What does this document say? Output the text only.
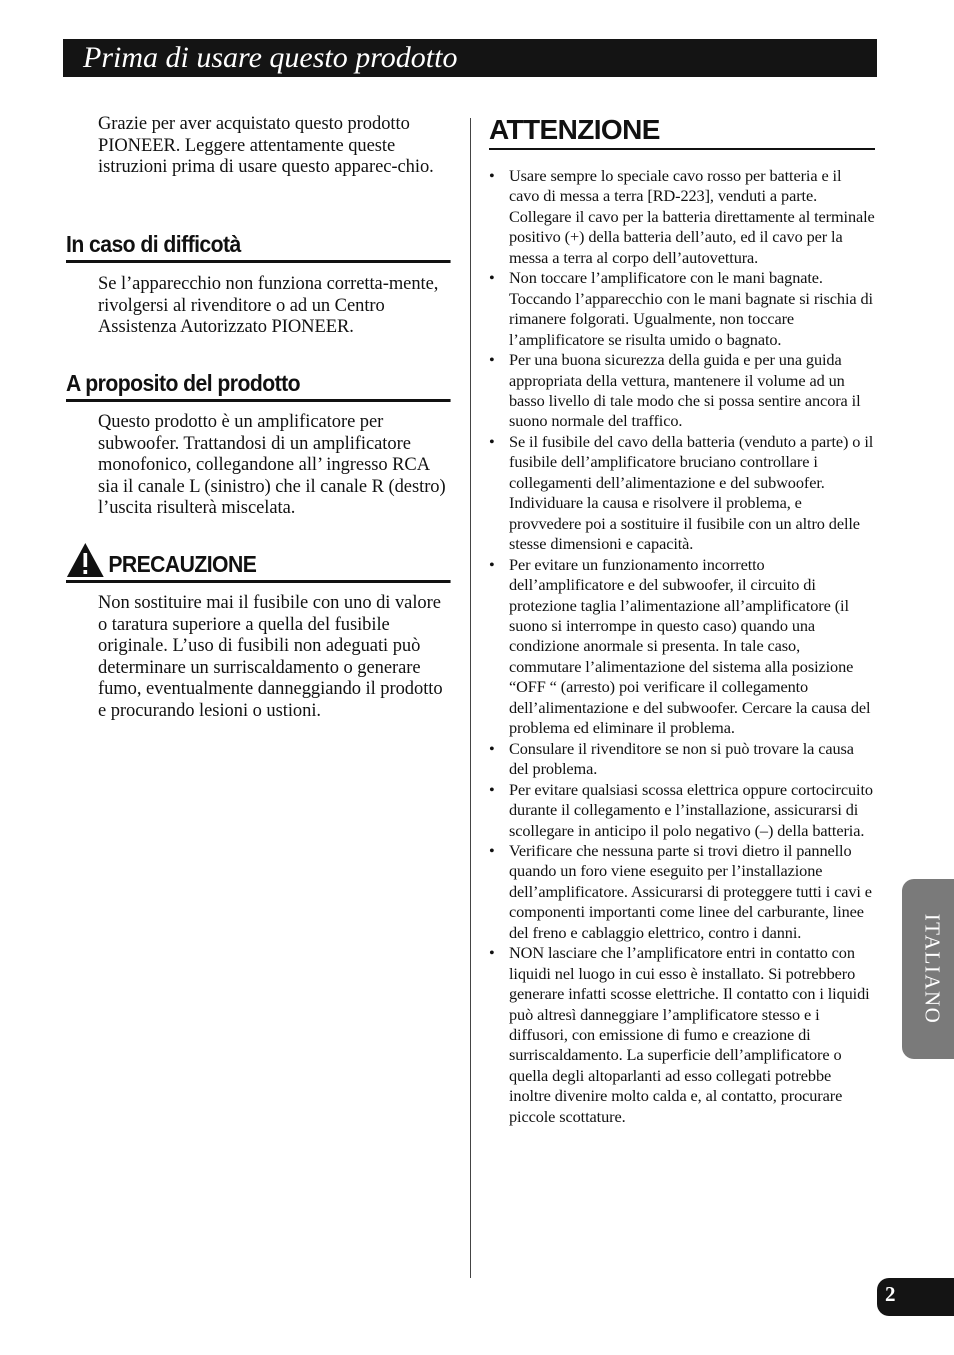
Prima di usare questo prodotto
Grazie per aver acquistato questo prodotto PIONEER. Leggere attentamente queste istruzioni prima di usare questo apparec-chio.
In caso di difficotà
Se l’apparecchio non funziona corretta-mente, rivolgersi al rivenditore o ad un Centro Assistenza Autorizzato PIONEER.
A proposito del prodotto
Questo prodotto è un amplificatore per subwoofer. Trattandosi di un amplificatore monofonico, collegandone all’ ingresso RCA sia il canale L (sinistro) che il canale R (destro) l’uscita risulterà miscelata.
PRECAUZIONE
Non sostituire mai il fusibile con uno di valore o taratura superiore a quella del fusibile originale. L’uso di fusibili non adeguati può determinare un surriscaldamento o generare fumo, eventualmente danneggiando il prodotto e procurando lesioni o ustioni.
ATTENZIONE
• Usare sempre lo speciale cavo rosso per batteria e il cavo di messa a terra [RD-223], venduti a parte. Collegare il cavo per la batteria direttamente al terminale positivo (+) della batteria dell’auto, ed il cavo per la messa a terra al corpo dell’autovettura.
• Non toccare l’amplificatore con le mani bagnate. Toccando l’apparecchio con le mani bagnate si rischia di rimanere folgorati. Ugualmente, non toccare l’amplificatore se risulta umido o bagnato.
• Per una buona sicurezza della guida e per una guida appropriata della vettura, mantenere il volume ad un basso livello di tale modo che si possa sentire ancora il suono normale del traffico.
• Se il fusibile del cavo della batteria (venduto a parte) o il fusibile dell’amplificatore bruciano controllare i collegamenti dell’alimentazione e del subwoofer. Individuare la causa e risolvere il problema, e provvedere poi a sostituire il fusibile con un altro delle stesse dimensioni e capacità.
• Per evitare un funzionamento incorretto dell’amplificatore e del subwoofer, il circuito di protezione taglia l’alimentazione all’amplificatore (il suono si interrompe in questo caso) quando una condizione anormale si presenta. In tale caso, commutare l’alimentazione del sistema alla posizione “OFF “ (arresto) poi verificare il collegamento dell’alimentazione e del subwoofer. Cercare la causa del problema ed eliminare il problema.
• Consulare il rivenditore se non si può trovare la causa del problema.
• Per evitare qualsiasi scossa elettrica oppure cortocircuito durante il collegamento e l’installazione, assicurarsi di scollegare in anticipo il polo negativo (–) della batteria.
• Verificare che nessuna parte si trovi dietro il pannello quando un foro viene eseguito per l’installazione dell’amplificatore. Assicurarsi di proteggere tutti i cavi e componenti importanti come linee del carburante, linee del freno e cablaggio elettrico, contro i danni.
• NON lasciare che l’amplificatore entri in contatto con liquidi nel luogo in cui esso è installato. Si potrebbero generare infatti scosse elettriche. Il contatto con i liquidi può altresì danneggiare l’amplificatore stesso e i diffusori, con emissione di fumo e creazione di surriscaldamento. La superficie dell’amplificatore o quella degli altoparlanti ad esso collegati potrebbe inoltre divenire molto calda e, al contatto, procurare piccole scottature.
ITALIANO
2
